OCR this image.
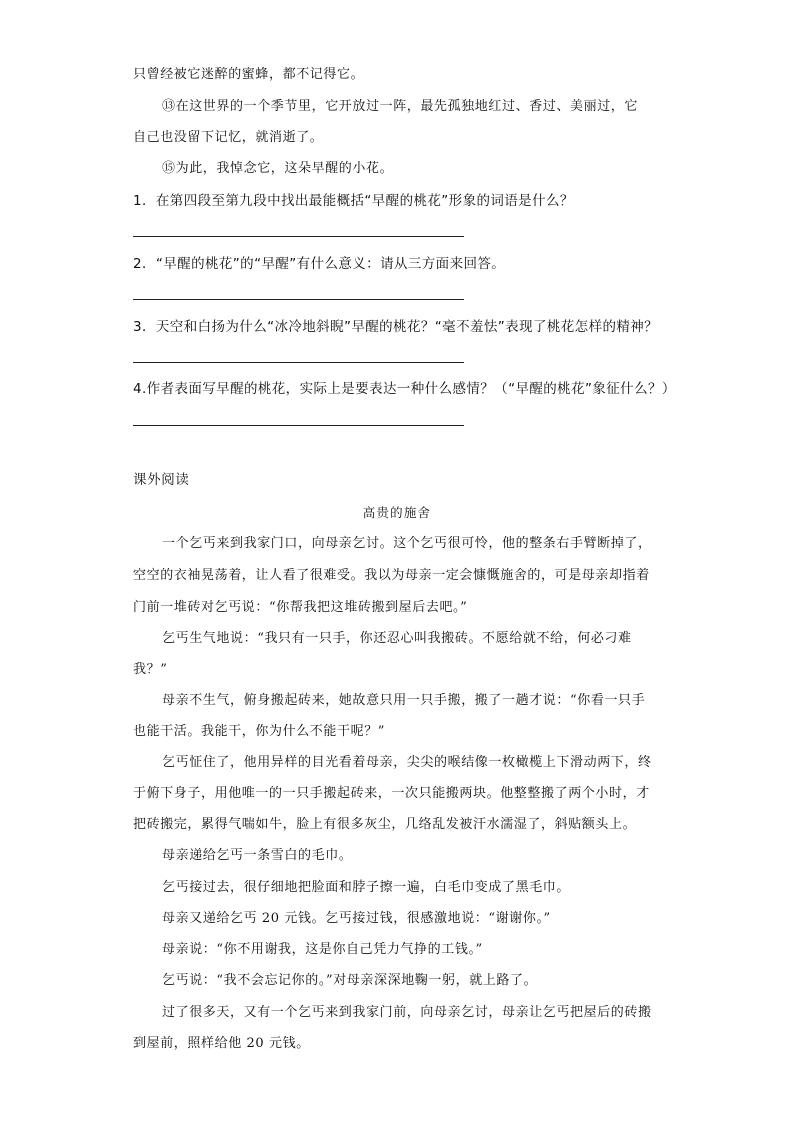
只曾经被它迷醉的蜜蜂，都不记得它。
⑬在这世界的一个季节里，它开放过一阵，最先孤独地红过、香过、美丽过，它
自己也没留下记忆，就消逝了。
⑮为此，我悼念它，这朵早醒的小花。
1．在第四段至第九段中找出最能概括“早醒的桃花”形象的词语是什么？
2．“早醒的桃花”的“早醒”有什么意义：请从三方面来回答。
3．天空和白扬为什么“冰冷地斜睨”早醒的桃花？“毫不羞怯”表现了桃花怎样的精神？
4.作者表面写早醒的桃花，实际上是要表达一种什么感情？（“早醒的桃花”象征什么？）
课外阅读
高贵的施舍
一个乞丐来到我家门口，向母亲乞讨。这个乞丐很可怜，他的整条右手臂断掉了，
空空的衣袖晃荡着，让人看了很难受。我以为母亲一定会慷慨施舍的，可是母亲却指着
门前一堆砖对乞丐说：“你帮我把这堆砖搬到屋后去吧。”
乞丐生气地说：“我只有一只手，你还忍心叫我搬砖。不愿给就不给，何必刁难
我？”
母亲不生气，俯身搬起砖来，她故意只用一只手搬，搬了一趟才说：“你看一只手
也能干活。我能干，你为什么不能干呢？”
乞丐怔住了，他用异样的目光看着母亲，尖尖的喉结像一枚橄榄上下滑动两下，终
于俯下身子，用他唯一的一只手搬起砖来，一次只能搬两块。他整整搬了两个小时，才
把砖搬完，累得气喘如牛，脸上有很多灰尘，几络乱发被汗水濡湿了，斜贴额头上。
母亲递给乞丐一条雪白的毛巾。
乞丐接过去，很仔细地把脸面和脖子擦一遍，白毛巾变成了黑毛巾。
母亲又递给乞丐 20 元钱。乞丐接过钱，很感激地说：“谢谢你。”
母亲说：“你不用谢我，这是你自己凭力气挣的工钱。”
乞丐说：“我不会忘记你的。”对母亲深深地鞠一躬，就上路了。
过了很多天，又有一个乞丐来到我家门前，向母亲乞讨，母亲让乞丐把屋后的砖搬
到屋前，照样给他 20 元钱。
